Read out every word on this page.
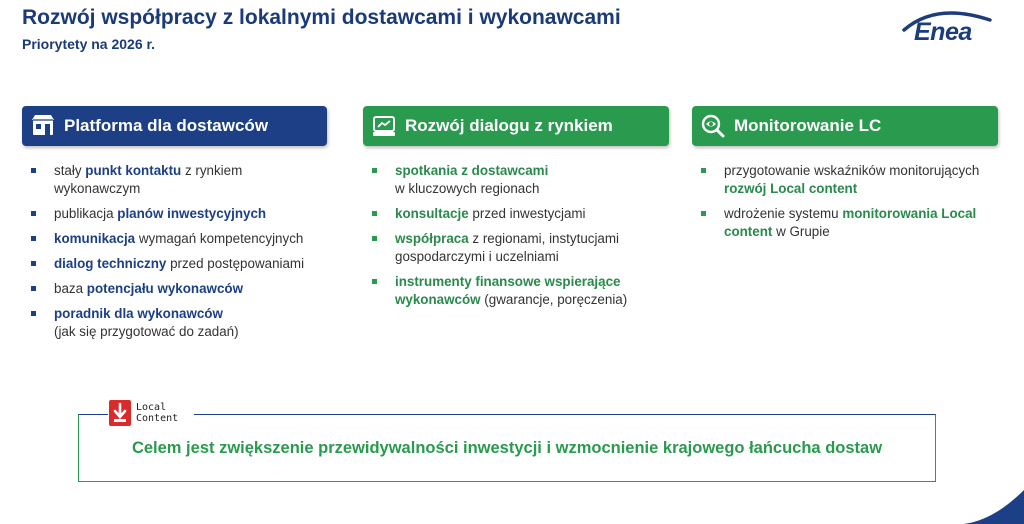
Rozwój współpracy z lokalnymi dostawcami i wykonawcami
Priorytety na 2026 r.	Enea
Platforma dla dostawców
stały punkt kontaktu z rynkiem wykonawczym
publikacja planów inwestycyjnych
komunikacja wymagań kompetencyjnych
dialog techniczny przed postępowaniami
baza potencjału wykonawców
poradnik dla wykonawców
(jak się przygotować do zadań)
Rozwój dialogu z rynkiem
spotkania z dostawcami
w kluczowych regionach
konsultacje przed inwestycjami
współpraca z regionami, instytucjami gospodarczymi i uczelniami
instrumenty finansowe wspierające wykonawców (gwarancje, poręczenia)
Monitorowanie LC
przygotowanie wskaźników monitorujących rozwój Local content
wdrożenie systemu monitorowania Local content w Grupie
Celem jest zwiększenie przewidywalności inwestycji i wzmocnienie krajowego łańcucha dostaw
Local
Content
